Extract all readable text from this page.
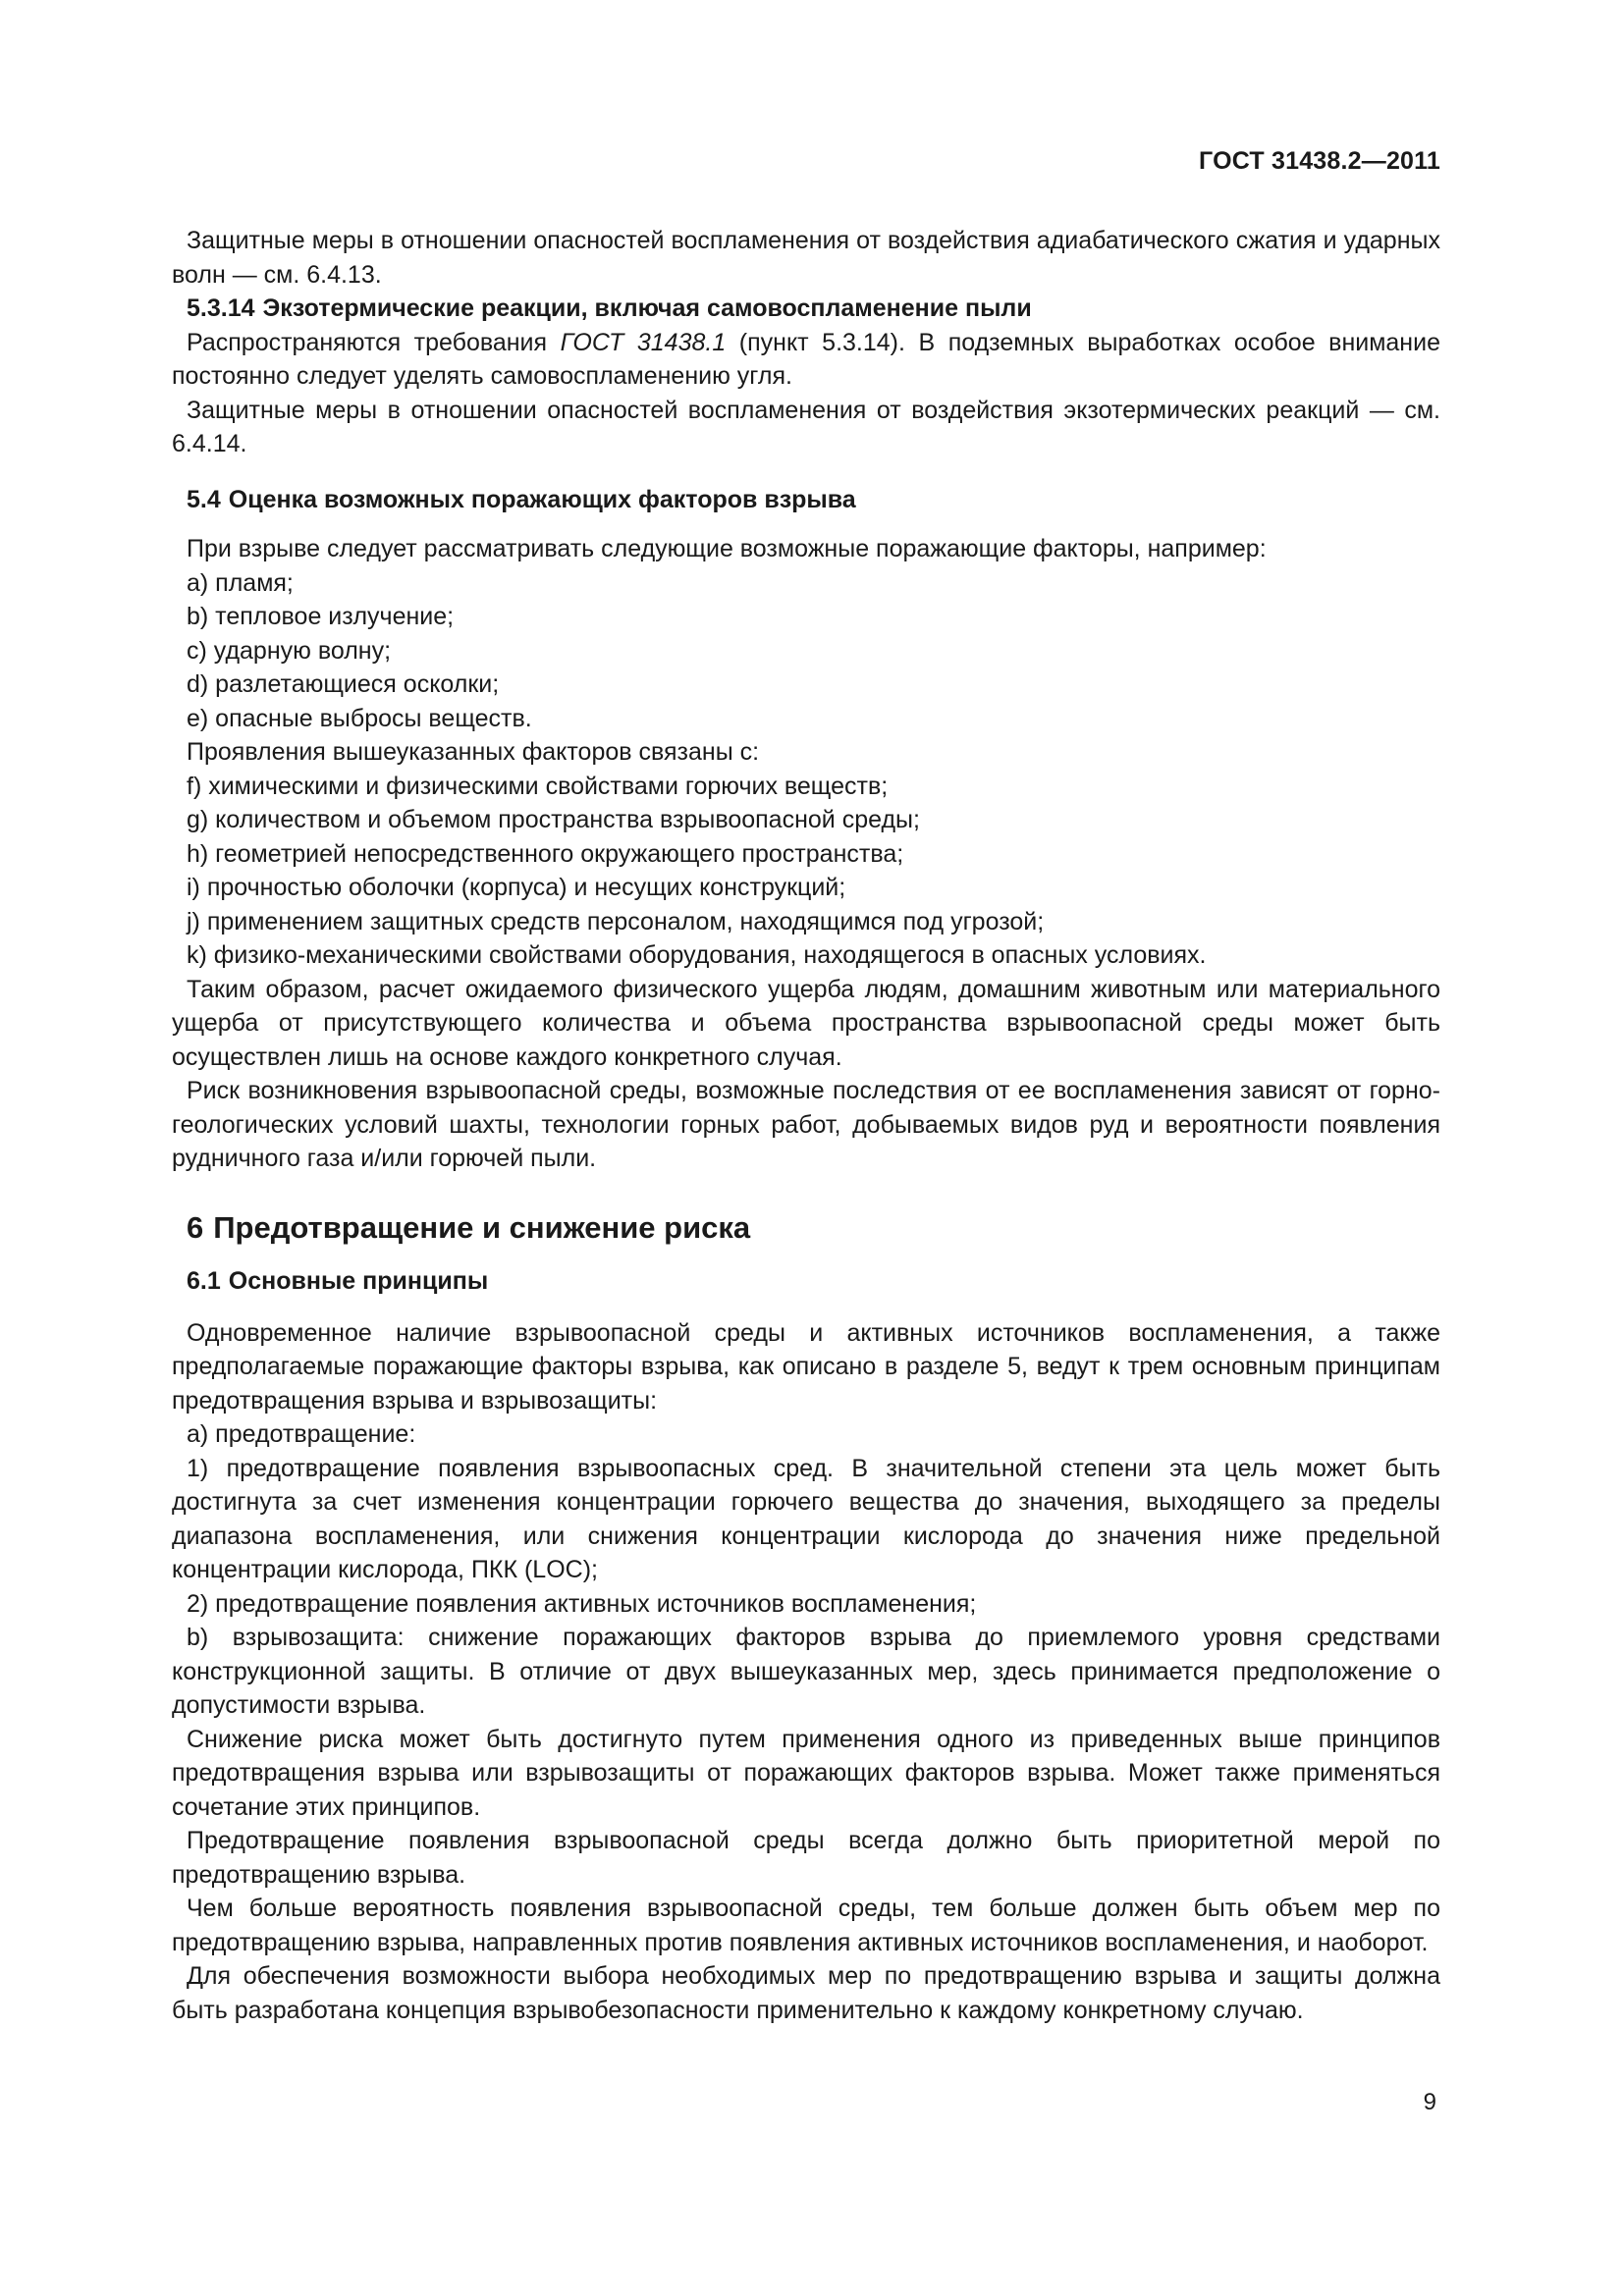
ГОСТ 31438.2—2011

Защитные меры в отношении опасностей воспламенения от воздействия адиабатического сжатия и ударных волн — см. 6.4.13.

5.3.14 Экзотермические реакции, включая самовоспламенение пыли

Распространяются требования ГОСТ 31438.1 (пункт 5.3.14). В подземных выработках особое внимание постоянно следует уделять самовоспламенению угля.

Защитные меры в отношении опасностей воспламенения от воздействия экзотермических реакций — см. 6.4.14.

5.4 Оценка возможных поражающих факторов взрыва

При взрыве следует рассматривать следующие возможные поражающие факторы, например:

а) пламя;

b) тепловое излучение;

c) ударную волну;

d) разлетающиеся осколки;

е) опасные выбросы веществ.

Проявления вышеуказанных факторов связаны с:

f) химическими и физическими свойствами горючих веществ;

g) количеством и объемом пространства взрывоопасной среды;

h) геометрией непосредственного окружающего пространства;

i) прочностью оболочки (корпуса) и несущих конструкций;

j) применением защитных средств персоналом, находящимся под угрозой;

k) физико-механическими свойствами оборудования, находящегося в опасных условиях.

Таким образом, расчет ожидаемого физического ущерба людям, домашним животным или материального ущерба от присутствующего количества и объема пространства взрывоопасной среды может быть осуществлен лишь на основе каждого конкретного случая.

Риск возникновения взрывоопасной среды, возможные последствия от ее воспламенения зависят от горно-геологических условий шахты, технологии горных работ, добываемых видов руд и вероятности появления рудничного газа и/или горючей пыли.

6 Предотвращение и снижение риска

6.1 Основные принципы

Одновременное наличие взрывоопасной среды и активных источников воспламенения, а также предполагаемые поражающие факторы взрыва, как описано в разделе 5, ведут к трем основным принципам предотвращения взрыва и взрывозащиты:

а) предотвращение:

1) предотвращение появления взрывоопасных сред. В значительной степени эта цель может быть достигнута за счет изменения концентрации горючего вещества до значения, выходящего за пределы диапазона воспламенения, или снижения концентрации кислорода до значения ниже предельной концентрации кислорода, ПКК (LOC);

2) предотвращение появления активных источников воспламенения;

b) взрывозащита: снижение поражающих факторов взрыва до приемлемого уровня средствами конструкционной защиты. В отличие от двух вышеуказанных мер, здесь принимается предположение о допустимости взрыва.

Снижение риска может быть достигнуто путем применения одного из приведенных выше принципов предотвращения взрыва или взрывозащиты от поражающих факторов взрыва. Может также применяться сочетание этих принципов.

Предотвращение появления взрывоопасной среды всегда должно быть приоритетной мерой по предотвращению взрыва.

Чем больше вероятность появления взрывоопасной среды, тем больше должен быть объем мер по предотвращению взрыва, направленных против появления активных источников воспламенения, и наоборот.

Для обеспечения возможности выбора необходимых мер по предотвращению взрыва и защиты должна быть разработана концепция взрывобезопасности применительно к каждому конкретному случаю.

9
